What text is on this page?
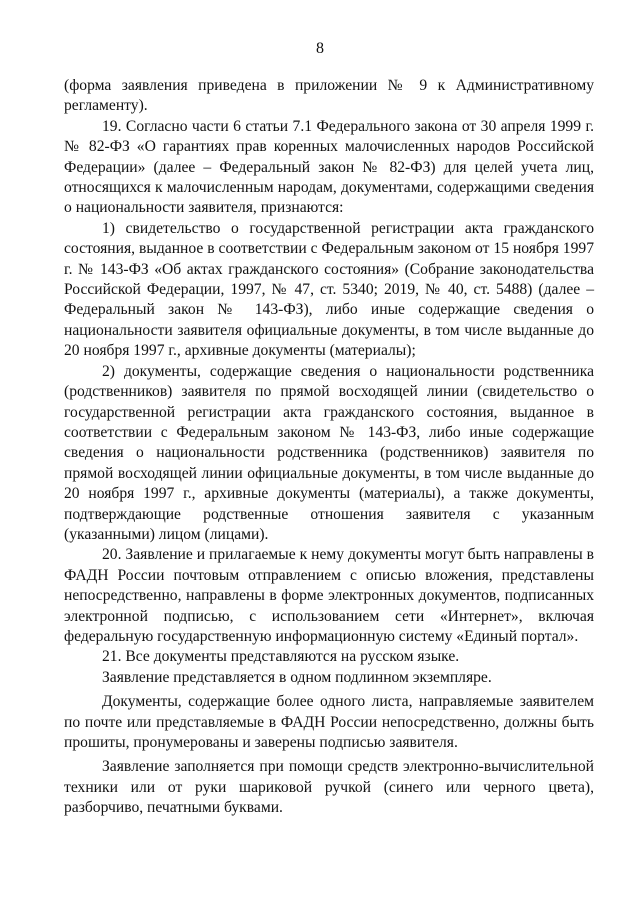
8

(форма заявления приведена в приложении № 9 к Административному регламенту).

19. Согласно части 6 статьи 7.1 Федерального закона от 30 апреля 1999 г. № 82-ФЗ «О гарантиях прав коренных малочисленных народов Российской Федерации» (далее – Федеральный закон № 82-ФЗ) для целей учета лиц, относящихся к малочисленным народам, документами, содержащими сведения о национальности заявителя, признаются:

1) свидетельство о государственной регистрации акта гражданского состояния, выданное в соответствии с Федеральным законом от 15 ноября 1997 г. № 143-ФЗ «Об актах гражданского состояния» (Собрание законодательства Российской Федерации, 1997, № 47, ст. 5340; 2019, № 40, ст. 5488) (далее – Федеральный закон № 143-ФЗ), либо иные содержащие сведения о национальности заявителя официальные документы, в том числе выданные до 20 ноября 1997 г., архивные документы (материалы);

2) документы, содержащие сведения о национальности родственника (родственников) заявителя по прямой восходящей линии (свидетельство о государственной регистрации акта гражданского состояния, выданное в соответствии с Федеральным законом № 143-ФЗ, либо иные содержащие сведения о национальности родственника (родственников) заявителя по прямой восходящей линии официальные документы, в том числе выданные до 20 ноября 1997 г., архивные документы (материалы), а также документы, подтверждающие родственные отношения заявителя с указанным (указанными) лицом (лицами).

20. Заявление и прилагаемые к нему документы могут быть направлены в ФАДН России почтовым отправлением с описью вложения, представлены непосредственно, направлены в форме электронных документов, подписанных электронной подписью, с использованием сети «Интернет», включая федеральную государственную информационную систему «Единый портал».

21. Все документы представляются на русском языке.

Заявление представляется в одном подлинном экземпляре.

Документы, содержащие более одного листа, направляемые заявителем по почте или представляемые в ФАДН России непосредственно, должны быть прошиты, пронумерованы и заверены подписью заявителя.

Заявление заполняется при помощи средств электронно-вычислительной техники или от руки шариковой ручкой (синего или черного цвета), разборчиво, печатными буквами.
